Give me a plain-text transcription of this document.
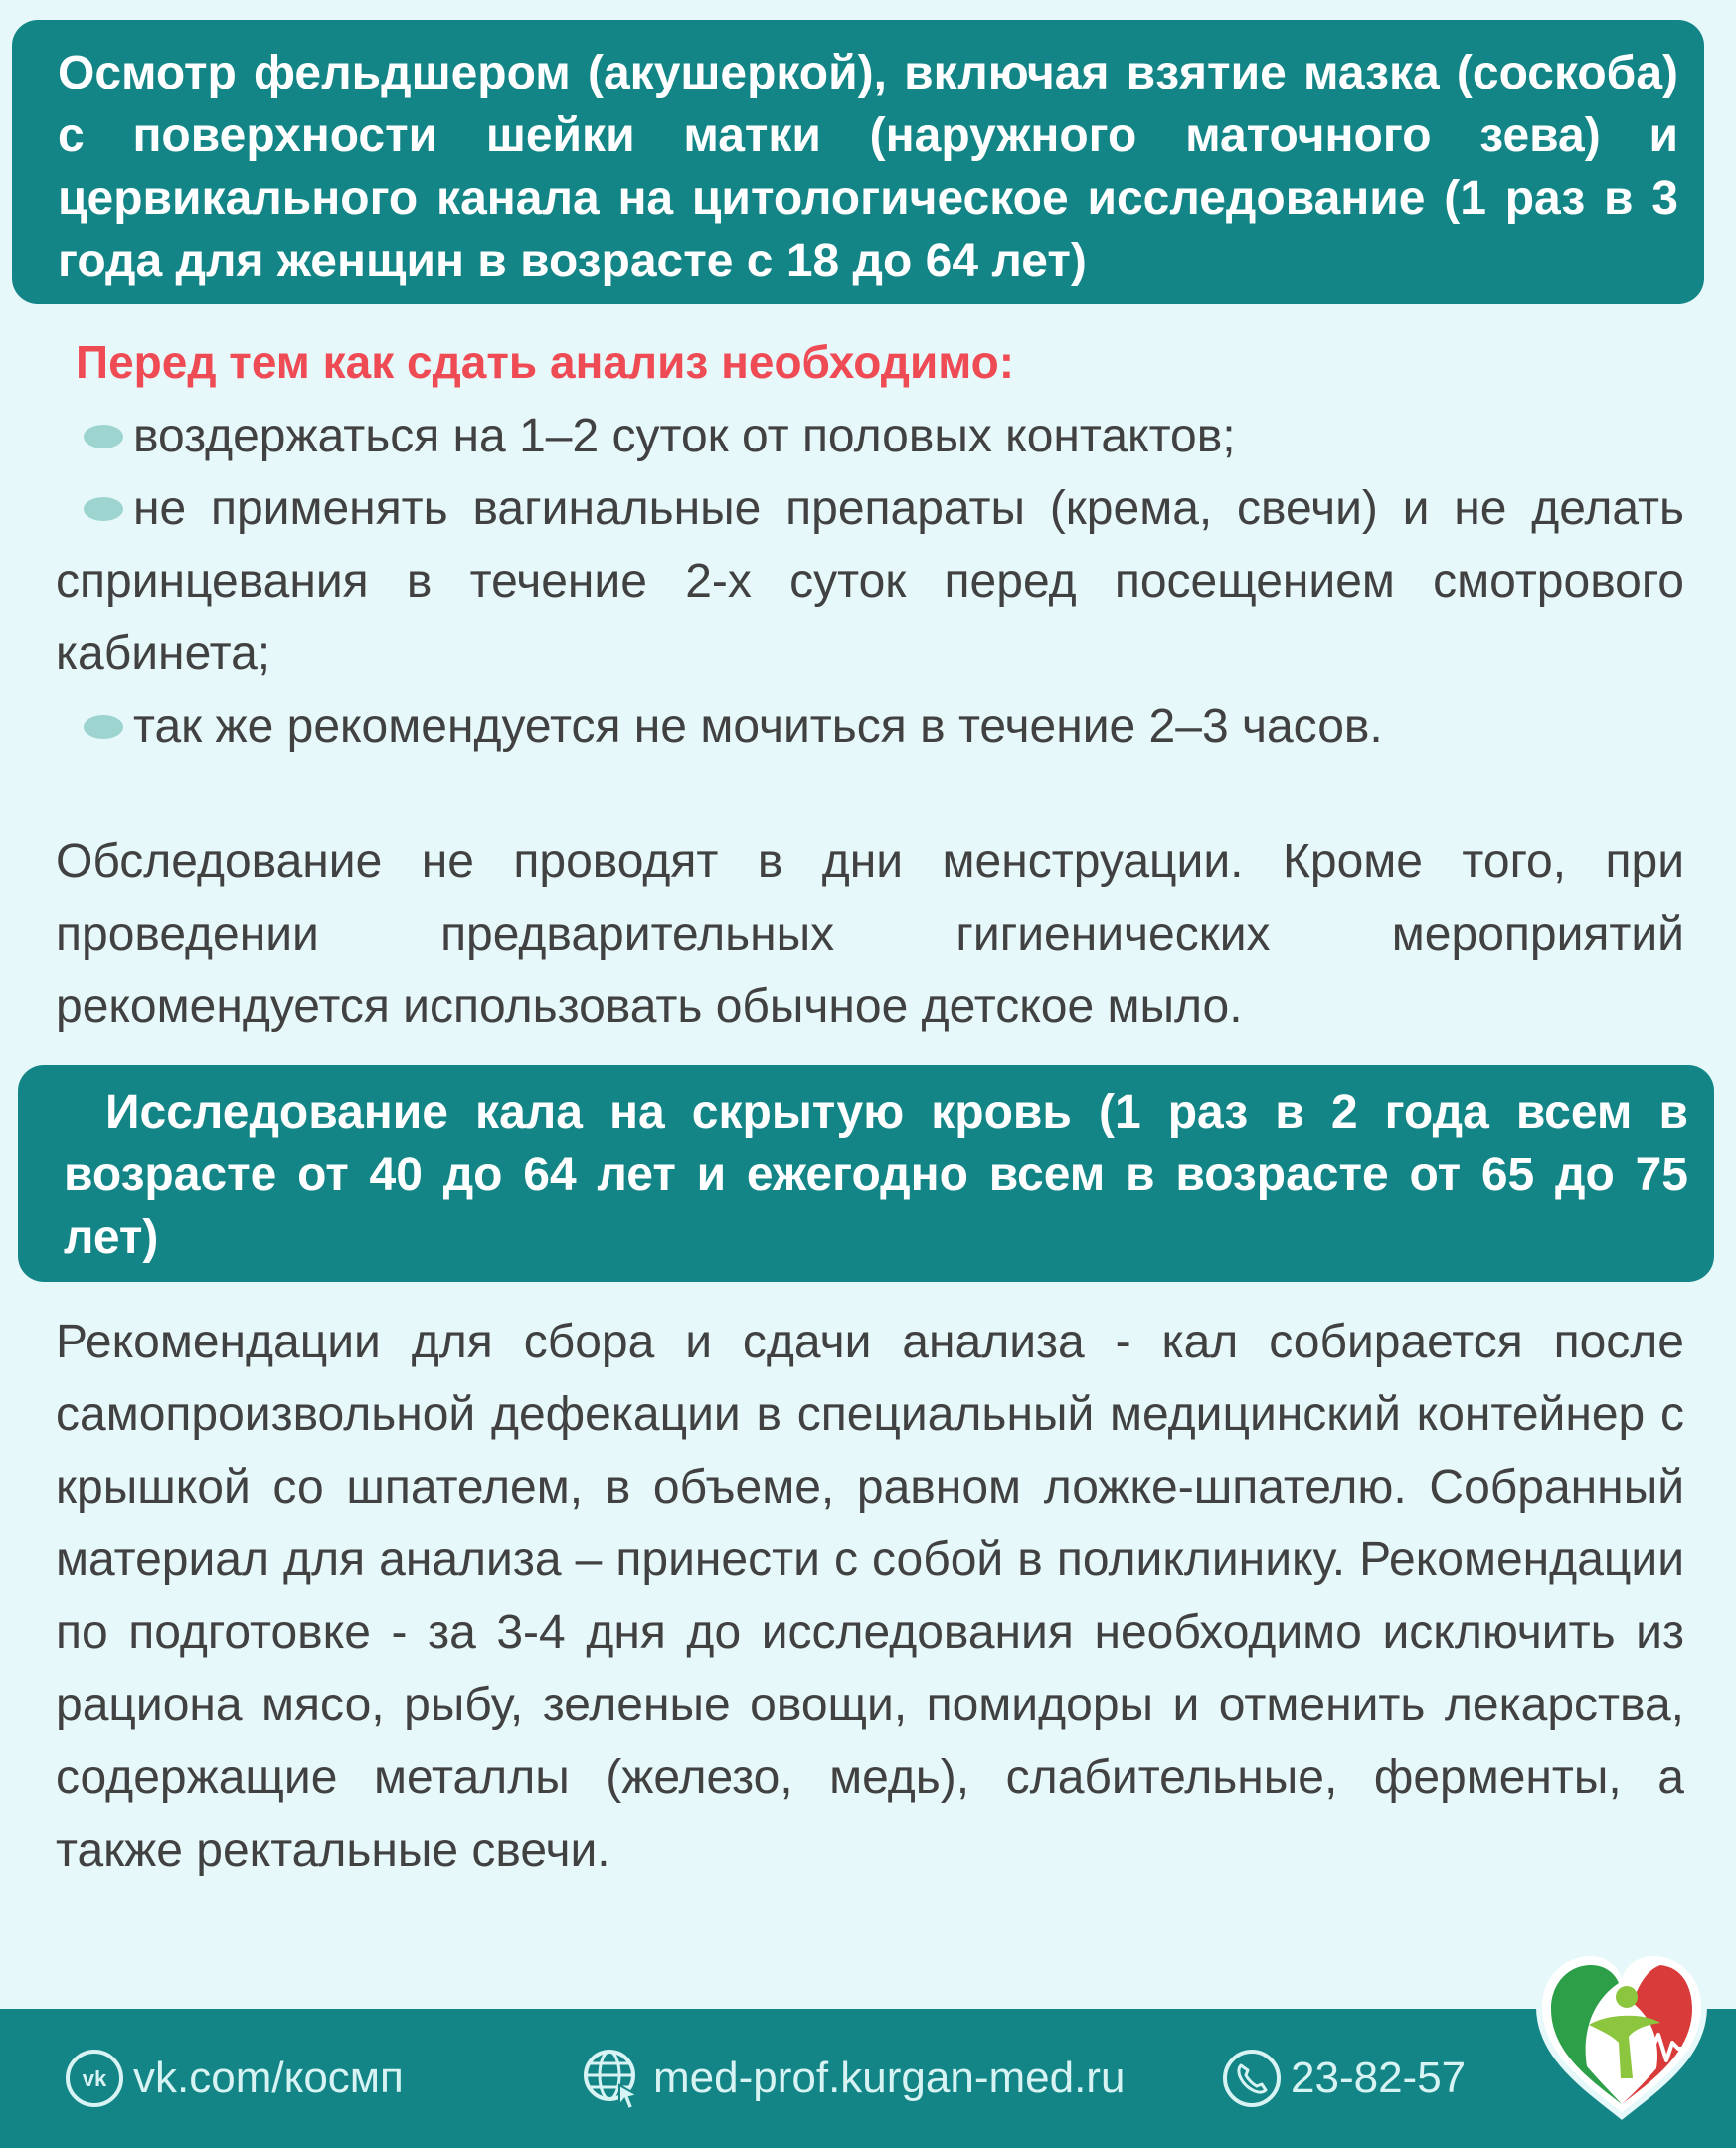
Осмотр фельдшером (акушеркой), включая взятие мазка (соскоба) с поверхности шейки матки (наружного маточного зева) и цервикального канала на цитологическое исследование (1 раз в 3 года для женщин в возрасте с 18 до 64 лет)
Перед тем как сдать анализ необходимо:
воздержаться на 1–2 суток от половых контактов;
не применять вагинальные препараты (крема, свечи) и не делать спринцевания в течение 2-х суток перед посещением смотрового кабинета;
так же рекомендуется не мочиться в течение 2–3 часов.

Обследование не проводят в дни менструации. Кроме того, при проведении предварительных гигиенических мероприятий рекомендуется использовать обычное детское мыло.

Исследование кала на скрытую кровь (1 раз в 2 года всем в возрасте от 40 до 64 лет и ежегодно всем в возрасте от 65 до 75 лет)

Рекомендации для сбора и сдачи анализа - кал собирается после самопроизвольной дефекации в специальный медицинский контейнер с крышкой со шпателем, в объеме, равном ложке-шпателю. Собранный материал для анализа – принести с собой в поликлинику. Рекомендации по подготовке - за 3-4 дня до исследования необходимо исключить из рациона мясо, рыбу, зеленые овощи, помидоры и отменить лекарства, содержащие металлы (железо, медь), слабительные, ферменты, а также ректальные свечи.

vk vk.com/космп	med-prof.kurgan-med.ru	23-82-57
